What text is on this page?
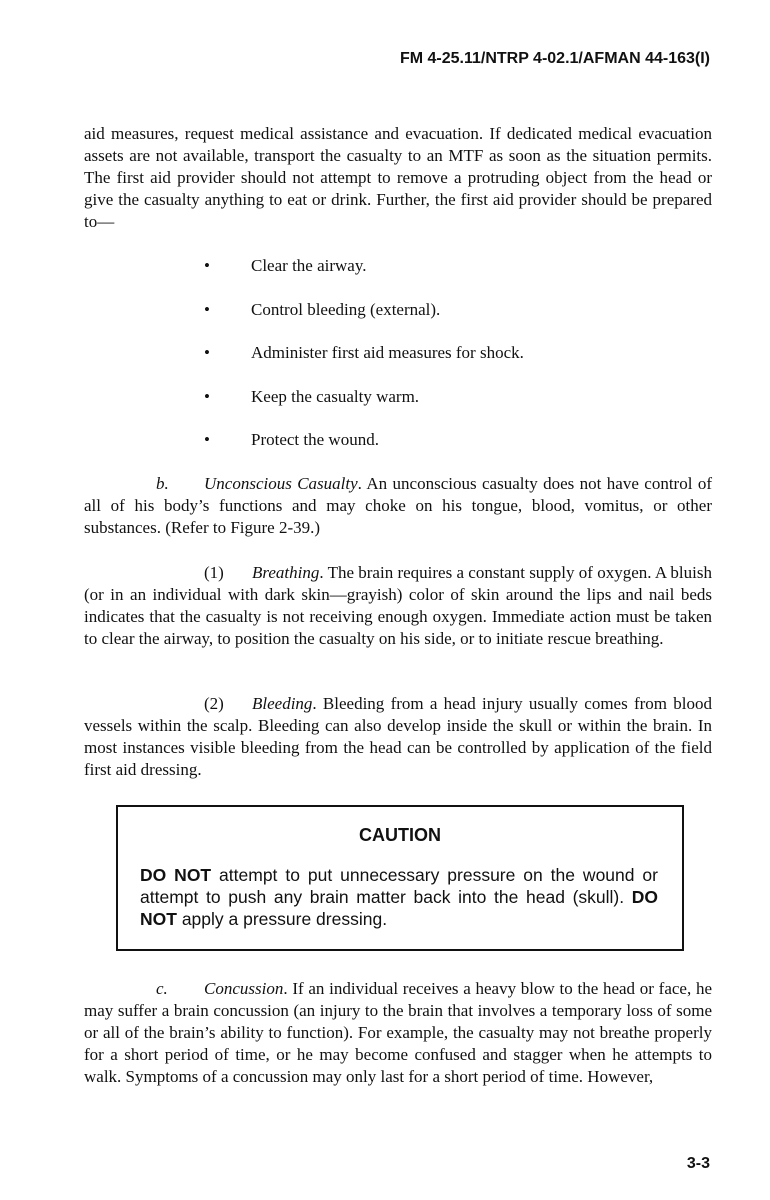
FM 4-25.11/NTRP 4-02.1/AFMAN 44-163(I)

aid measures, request medical assistance and evacuation. If dedicated medical evacuation assets are not available, transport the casualty to an MTF as soon as the situation permits. The first aid provider should not attempt to remove a protruding object from the head or give the casualty anything to eat or drink. Further, the first aid provider should be prepared to—

• Clear the airway.
• Control bleeding (external).
• Administer first aid measures for shock.
• Keep the casualty warm.
• Protect the wound.

b. Unconscious Casualty. An unconscious casualty does not have control of all of his body’s functions and may choke on his tongue, blood, vomitus, or other substances. (Refer to Figure 2-39.)

(1) Breathing. The brain requires a constant supply of oxygen. A bluish (or in an individual with dark skin—grayish) color of skin around the lips and nail beds indicates that the casualty is not receiving enough oxygen. Immediate action must be taken to clear the airway, to position the casualty on his side, or to initiate rescue breathing.

(2) Bleeding. Bleeding from a head injury usually comes from blood vessels within the scalp. Bleeding can also develop inside the skull or within the brain. In most instances visible bleeding from the head can be controlled by application of the field first aid dressing.

CAUTION
DO NOT attempt to put unnecessary pressure on the wound or attempt to push any brain matter back into the head (skull). DO NOT apply a pressure dressing.

c. Concussion. If an individual receives a heavy blow to the head or face, he may suffer a brain concussion (an injury to the brain that involves a temporary loss of some or all of the brain’s ability to function). For example, the casualty may not breathe properly for a short period of time, or he may become confused and stagger when he attempts to walk. Symptoms of a concussion may only last for a short period of time. However,

3-3
